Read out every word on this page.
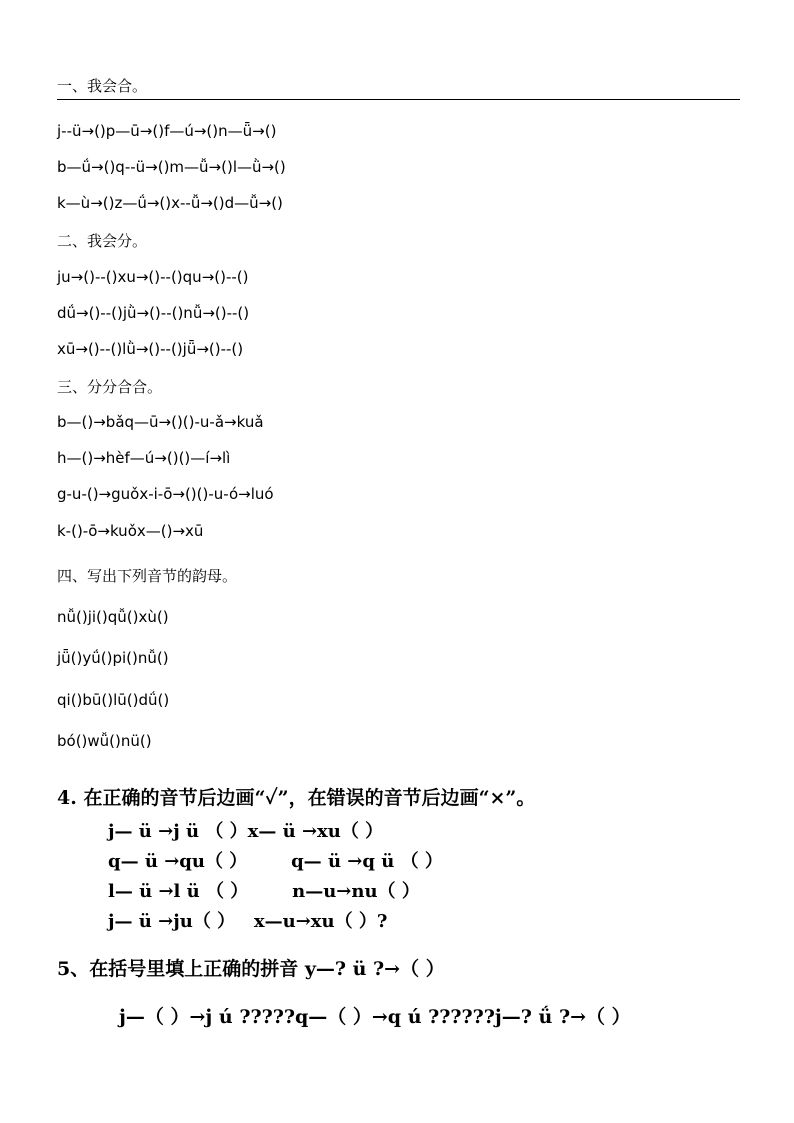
一、我会合。
j--ü→()p—ū→()f—ú→()n—ǖ→()
b—ǘ→()q--ü→()m—ǚ→()l—ǜ→()
k—ù→()z—ǘ→()x--ǚ→()d—ǚ→()
二、我会分。
ju→()--()xu→()--()qu→()--()
dǘ→()--()jǜ→()--()nǚ→()--()
xū→()--()lǜ→()--()jǖ→()--()
三、分分合合。
b—()→bǎq—ū→()()-u-ǎ→kuǎ
h—()→hèf—ú→()()—í→lì
g-u-()→guǒx-i-ō→()()-u-ó→luó
k-()-ō→kuǒx—()→xū
四、写出下列音节的韵母。
nǚ()ji()qǚ()xù()
jǖ()yǘ()pi()nǚ()
qi()bū()lū()dǘ()
bó()wǚ()nü()
4. 在正确的音节后边画“✓”，在错误的音节后边画“×”。
j— ü →j ü （ ）x— ü →xu（ ）
q— ü →qu（ ）       q— ü →q ü （ ）
l— ü →l ü （ ）       n—u→nu（ ）
j— ü →ju（ ）   x—u→xu（ ）?
5、在括号里填上正确的拼音 y—? ü ?→（ ）
j—（ ）→j ú ?????q—（ ）→q ú ??????j—? ǘ ?→（ ）
